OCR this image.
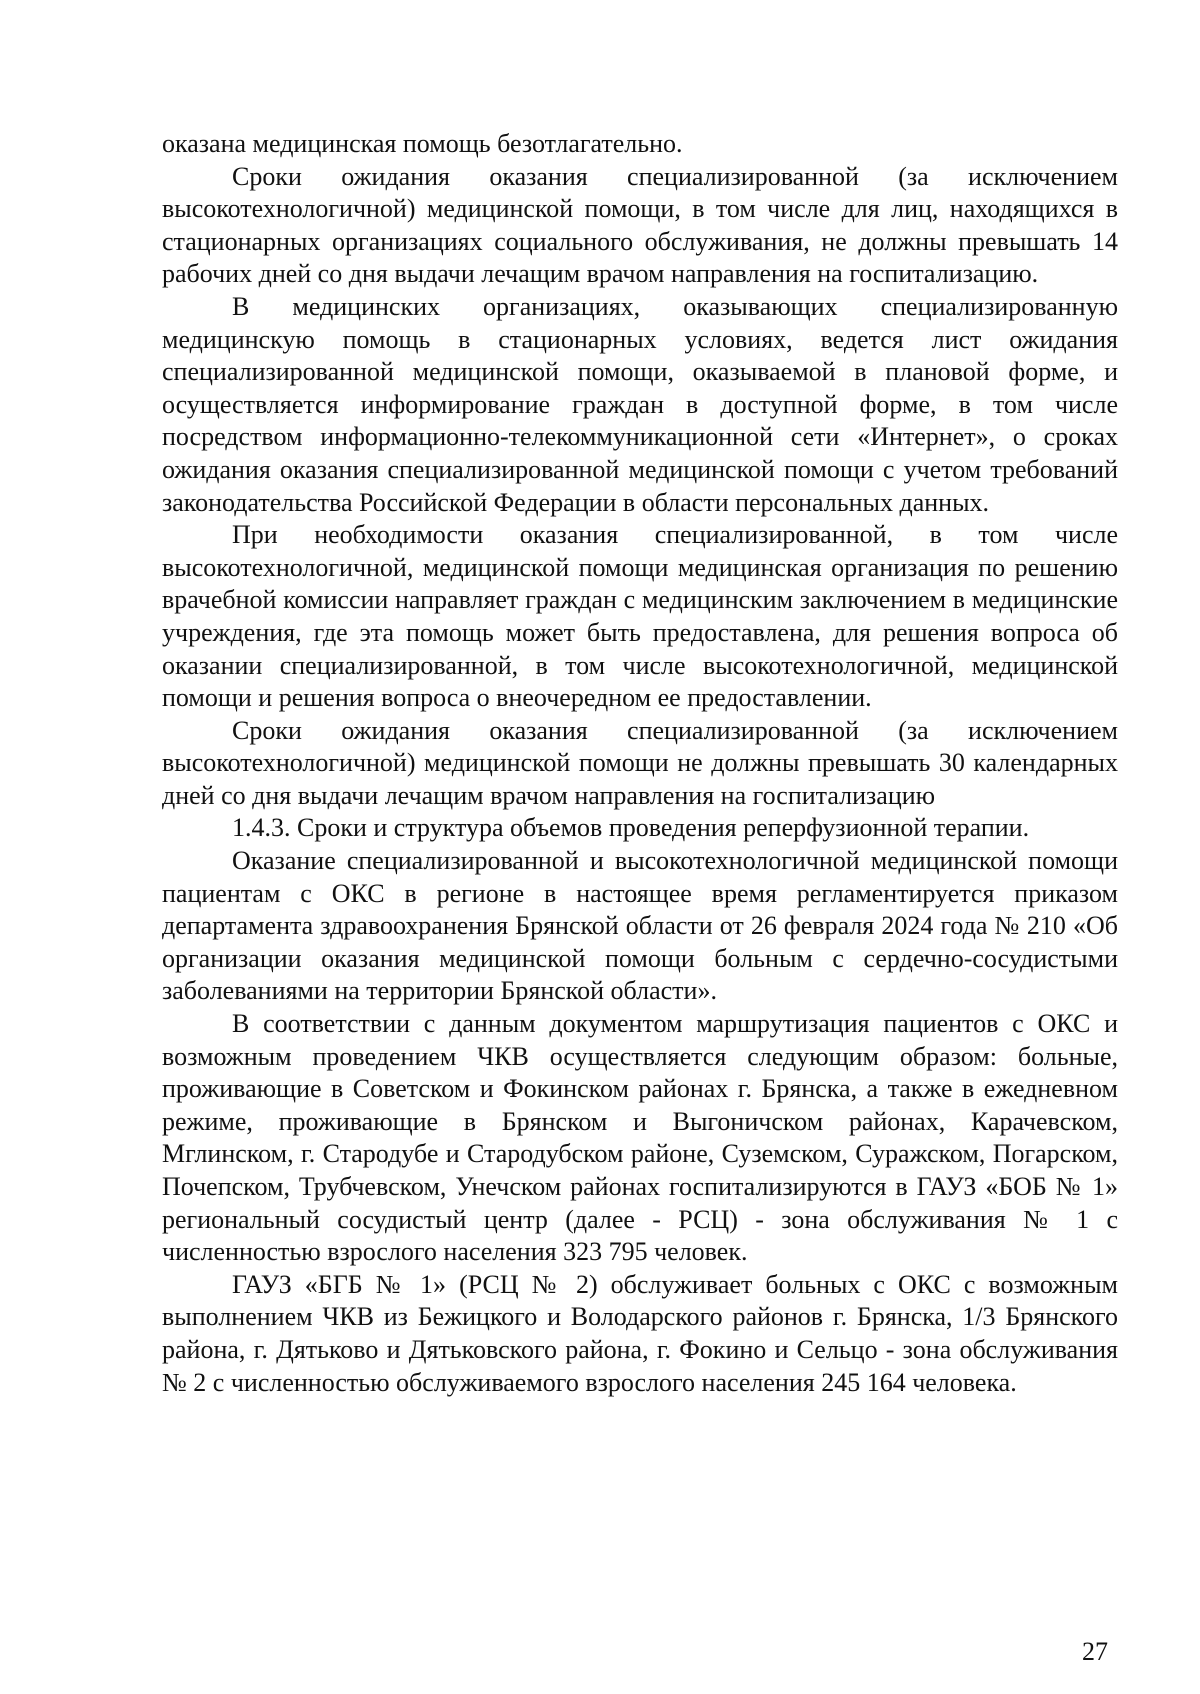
оказана медицинская помощь безотлагательно.

Сроки ожидания оказания специализированной (за исключением высокотехнологичной) медицинской помощи, в том числе для лиц, находящихся в стационарных организациях социального обслуживания, не должны превышать 14 рабочих дней со дня выдачи лечащим врачом направления на госпитализацию.

В медицинских организациях, оказывающих специализированную медицинскую помощь в стационарных условиях, ведется лист ожидания специализированной медицинской помощи, оказываемой в плановой форме, и осуществляется информирование граждан в доступной форме, в том числе посредством информационно-телекоммуникационной сети «Интернет», о сроках ожидания оказания специализированной медицинской помощи с учетом требований законодательства Российской Федерации в области персональных данных.

При необходимости оказания специализированной, в том числе высокотехнологичной, медицинской помощи медицинская организация по решению врачебной комиссии направляет граждан с медицинским заключением в медицинские учреждения, где эта помощь может быть предоставлена, для решения вопроса об оказании специализированной, в том числе высокотехнологичной, медицинской помощи и решения вопроса о внеочередном ее предоставлении.

Сроки ожидания оказания специализированной (за исключением высокотехнологичной) медицинской помощи не должны превышать 30 календарных дней со дня выдачи лечащим врачом направления на госпитализацию

1.4.3. Сроки и структура объемов проведения реперфузионной терапии.

Оказание специализированной и высокотехнологичной медицинской помощи пациентам с ОКС в регионе в настоящее время регламентируется приказом департамента здравоохранения Брянской области от 26 февраля 2024 года № 210 «Об организации оказания медицинской помощи больным с сердечно-сосудистыми заболеваниями на территории Брянской области».

В соответствии с данным документом маршрутизация пациентов с ОКС и возможным проведением ЧКВ осуществляется следующим образом: больные, проживающие в Советском и Фокинском районах г. Брянска, а также в ежедневном режиме, проживающие в Брянском и Выгоничском районах, Карачевском, Мглинском, г. Стародубе и Стародубском районе, Суземском, Суражском, Погарском, Почепском, Трубчевском, Унечском районах госпитализируются в ГАУЗ «БОБ № 1» региональный сосудистый центр (далее - РСЦ) - зона обслуживания № 1 с численностью взрослого населения 323 795 человек.

ГАУЗ «БГБ № 1» (РСЦ № 2) обслуживает больных с ОКС с возможным выполнением ЧКВ из Бежицкого и Володарского районов г. Брянска, 1/3 Брянского района, г. Дятьково и Дятьковского района, г. Фокино и Сельцо - зона обслуживания № 2 с численностью обслуживаемого взрослого населения 245 164 человека.

27
